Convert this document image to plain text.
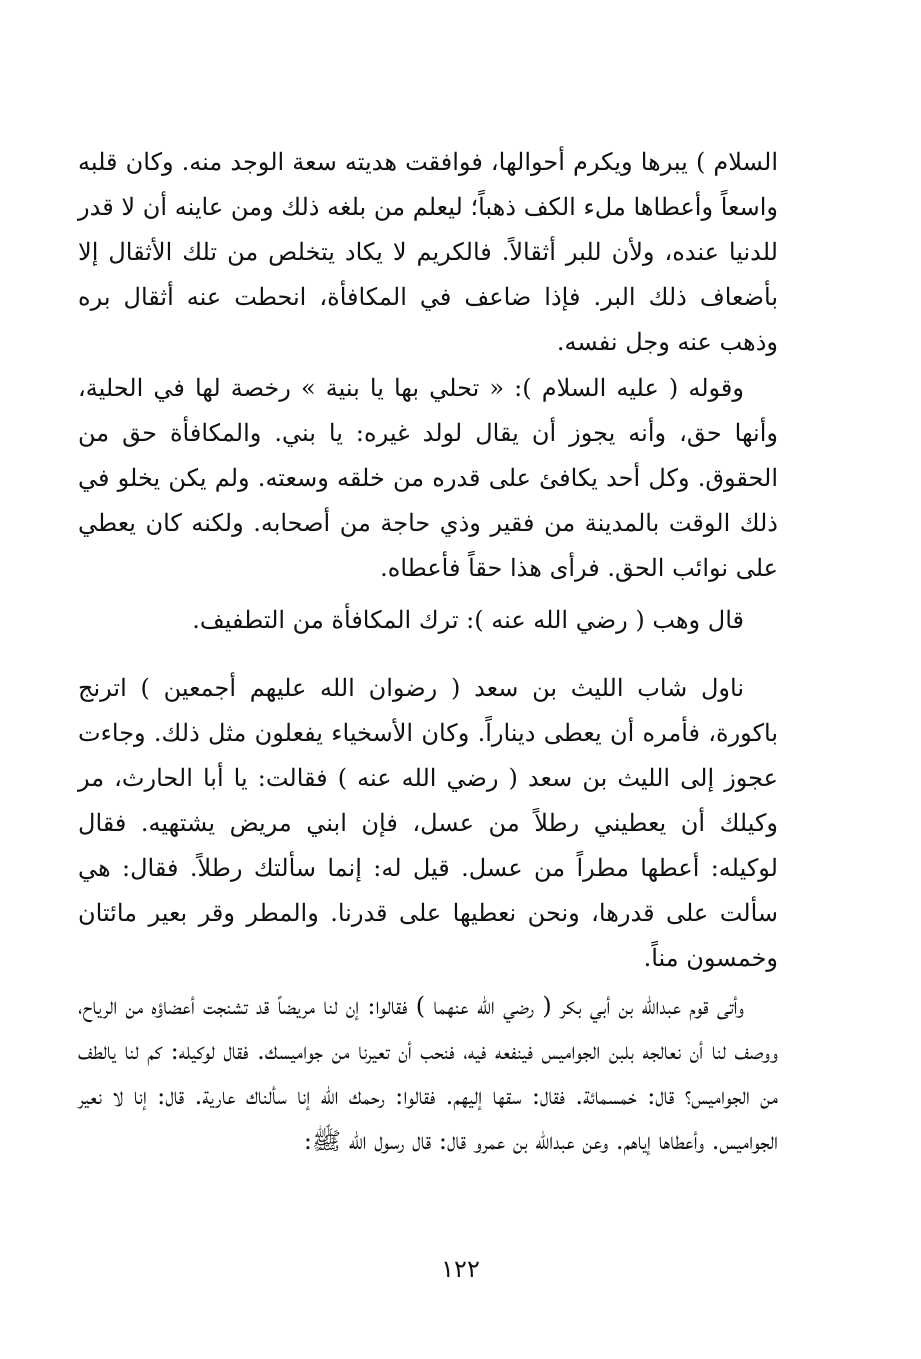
السلام ) يبرها ويكرم أحوالها، فوافقت هديته سعة الوجد منه. وكان قلبه واسعاً وأعطاها ملء الكف ذهباً؛ ليعلم من بلغه ذلك ومن عاينه أن لا قدر للدنيا عنده، ولأن للبر أثقالاً. فالكريم لا يكاد يتخلص من تلك الأثقال إلا بأضعاف ذلك البر. فإذا ضاعف في المكافأة، انحطت عنه أثقال بره وذهب عنه وجل نفسه.

وقوله ( عليه السلام ): « تحلي بها يا بنية » رخصة لها في الحلية، وأنها حق، وأنه يجوز أن يقال لولد غيره: يا بني. والمكافأة حق من الحقوق. وكل أحد يكافئ على قدره من خلقه وسعته. ولم يكن يخلو في ذلك الوقت بالمدينة من فقير وذي حاجة من أصحابه. ولكنه كان يعطي على نوائب الحق. فرأى هذا حقاً فأعطاه.

قال وهب ( رضي الله عنه ): ترك المكافأة من التطفيف.

ناول شاب الليث بن سعد ( رضوان الله عليهم أجمعين ) اترنج باكورة، فأمره أن يعطى ديناراً. وكان الأسخياء يفعلون مثل ذلك. وجاءت عجوز إلى الليث بن سعد ( رضي الله عنه ) فقالت: يا أبا الحارث، مر وكيلك أن يعطيني رطلاً من عسل، فإن ابني مريض يشتهيه. فقال لوكيله: أعطها مطراً من عسل. قيل له: إنما سألتك رطلاً. فقال: هي سألت على قدرها، ونحن نعطيها على قدرنا. والمطر وقر بعير مائتان وخمسون مناً.

وأتى قوم عبدالله بن أبي بكر ( رضي الله عنهما ) فقالوا: إن لنا مريضاً قد تشنجت أعضاؤه من الرياح، ووصف لنا أن نعالجه بلبن الجواميس فينفعه فيه، فنحب أن تعيرنا من جواميسك. فقال لوكيله: كم لنا يالطف من الجواميس؟ قال: خمسمائة. فقال: سقها إليهم. فقالوا: رحمك الله إنا سألناك عارية. قال: إنا لا نعير الجواميس. وأعطاها إياهم. وعن عبدالله بن عمرو قال: قال رسول الله ﷺ:

١٢٢
